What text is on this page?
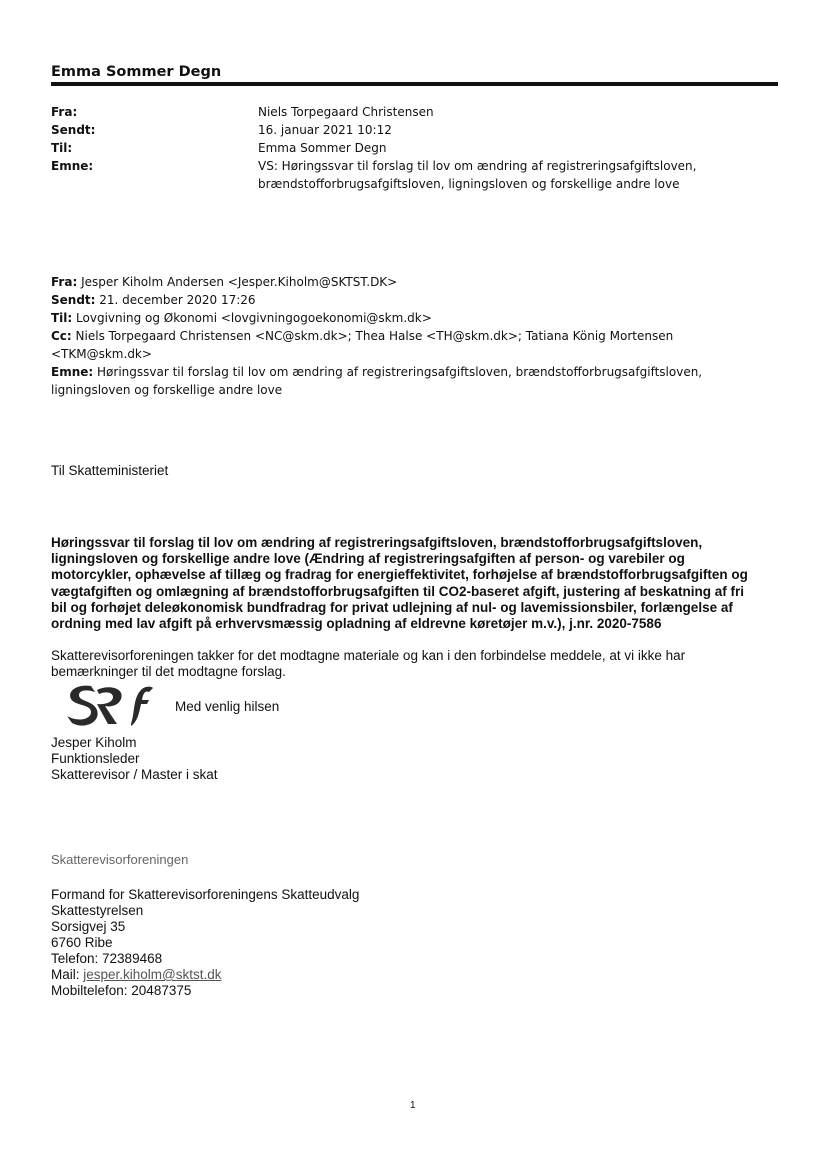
Emma Sommer Degn
Fra:	Niels Torpegaard Christensen
Sendt:	16. januar 2021 10:12
Til:	Emma Sommer Degn
Emne:	VS: Høringssvar til forslag til lov om ændring af registreringsafgiftsloven,
brændstofforbrugsafgiftsloven, ligningsloven og forskellige andre love
Fra: Jesper Kiholm Andersen <Jesper.Kiholm@SKTST.DK>
Sendt: 21. december 2020 17:26
Til: Lovgivning og Økonomi <lovgivningogoekonomi@skm.dk>
Cc: Niels Torpegaard Christensen <NC@skm.dk>; Thea Halse <TH@skm.dk>; Tatiana König Mortensen
<TKM@skm.dk>
Emne: Høringssvar til forslag til lov om ændring af registreringsafgiftsloven, brændstofforbrugsafgiftsloven,
ligningsloven og forskellige andre love
Til Skatteministeriet
Høringssvar til forslag til lov om ændring af registreringsafgiftsloven, brændstofforbrugsafgiftsloven,
ligningsloven og forskellige andre love (Ændring af registreringsafgiften af person- og varebiler og
motorcykler, ophævelse af tillæg og fradrag for energieffektivitet, forhøjelse af brændstofforbrugsafgiften og
vægtafgiften og omlægning af brændstofforbrugsafgiften til CO2-baseret afgift, justering af beskatning af fri
bil og forhøjet deleøkonomisk bundfradrag for privat udlejning af nul- og lavemissionsbiler, forlængelse af
ordning med lav afgift på erhvervsmæssig opladning af eldrevne køretøjer m.v.), j.nr. 2020-7586
Skatterevisorforeningen takker for det modtagne materiale og kan i den forbindelse meddele, at vi ikke har
bemærkninger til det modtagne forslag.
Med venlig hilsen
Jesper Kiholm
Funktionsleder
Skatterevisor / Master i skat
Skatterevisorforeningen
Formand for Skatterevisorforeningens Skatteudvalg
Skattestyrelsen
Sorsigvej 35
6760 Ribe
Telefon: 72389468
Mail: jesper.kiholm@sktst.dk
Mobiltelefon: 20487375
1
